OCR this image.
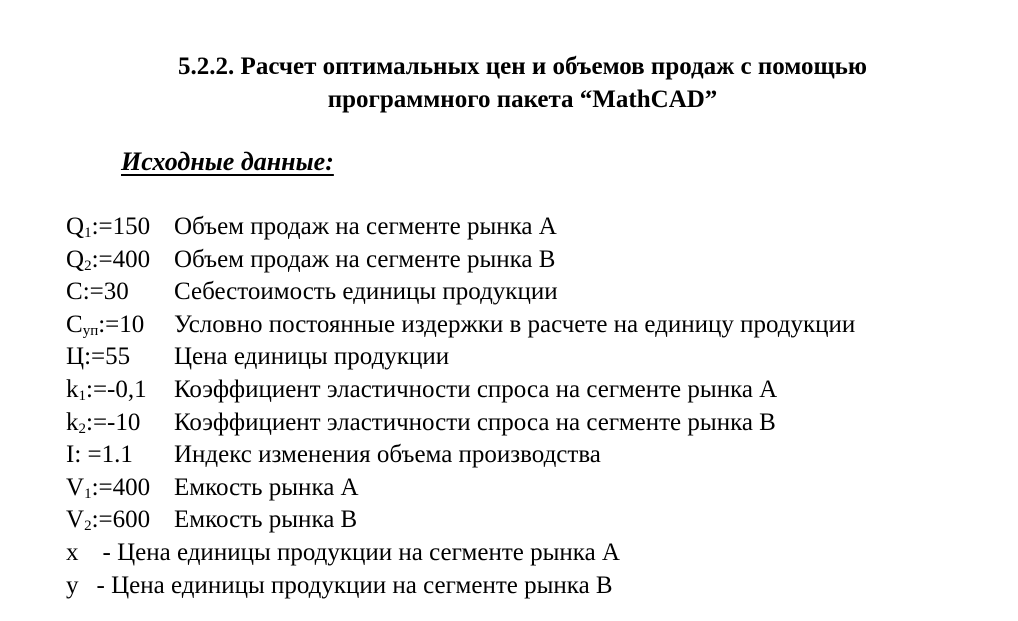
5.2.2. Расчет оптимальных цен и объемов продаж с помощью
программного пакета “MathCAD”
Исходные данные:
$Q_1:=150$ Объем продаж на сегменте рынка А
$Q_2:=400$ Объем продаж на сегменте рынка В
С:=30	Себестоимость единицы продукции
$С_{уп}:=10$	Условно постоянные издержки в расчете на единицу продукции
Ц:=55	Цена единицы продукции
$k_1:=-0,1$	Коэффициент эластичности спроса на сегменте рынка А
$k_2:=-10$	Коэффициент эластичности спроса на сегменте рынка В
I: =1.1	Индекс изменения объема производства
$V_1:=400$ Емкость рынка А
$V_2:=600$ Емкость рынка В
x - Цена единицы продукции на сегменте рынка А
y - Цена единицы продукции на сегменте рынка В
